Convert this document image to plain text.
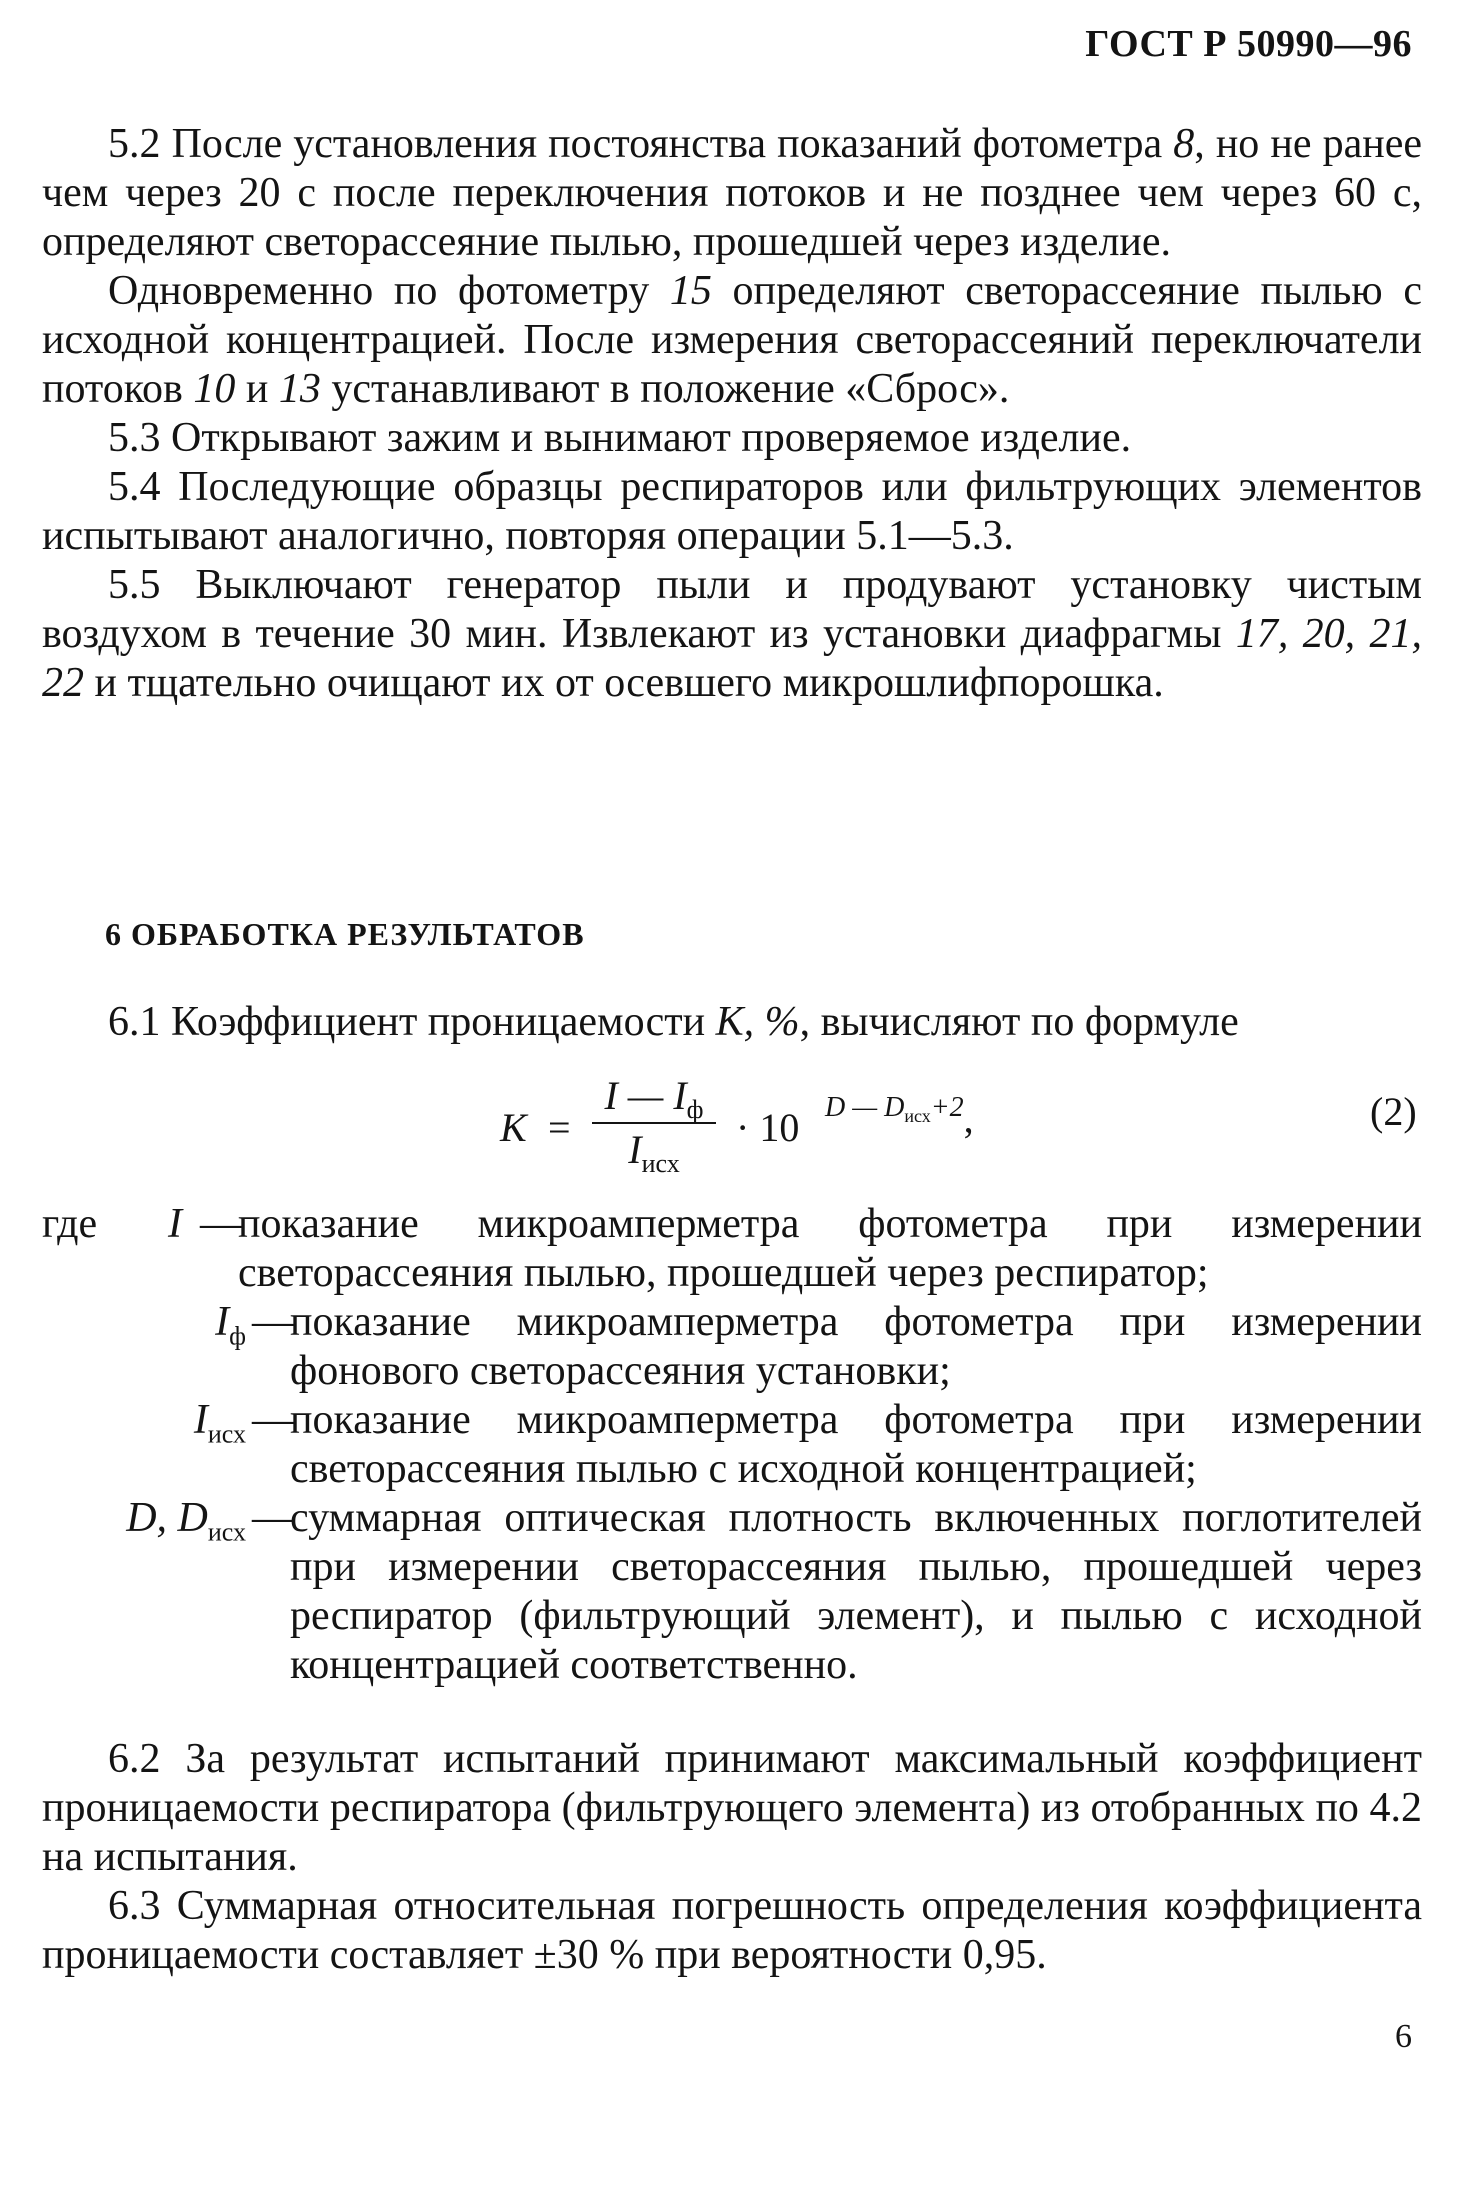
ГОСТ Р 50990—96

5.2 После установления постоянства показаний фотометра 8, но не ранее чем через 20 с после переключения потоков и не позднее чем через 60 с, определяют светорассеяние пылью, прошедшей через изделие.

Одновременно по фотометру 15 определяют светорассеяние пылью с исходной концентрацией. После измерения светорассеяний переключатели потоков 10 и 13 устанавливают в положение «Сброс».

5.3 Открывают зажим и вынимают проверяемое изделие.

5.4 Последующие образцы респираторов или фильтрующих элементов испытывают аналогично, повторяя операции 5.1—5.3.

5.5 Выключают генератор пыли и продувают установку чистым воздухом в течение 30 мин. Извлекают из установки диафрагмы 17, 20, 21, 22 и тщательно очищают их от осевшего микрошлифпорошка.

6 ОБРАБОТКА РЕЗУЛЬТАТОВ

6.1 Коэффициент проницаемости K, %, вычисляют по формуле

K =
I — $I_ф$
$I_{исх}$
· 10 D — $D_{исх}+2$,	(2)
где	I —
показание микроамперметра фотометра при измерении светорассеяния пылью, прошедшей через респиратор;
$I_ф$ —
показание микроамперметра фотометра при измерении фонового светорассеяния установки;
$I_{исх}$ —
показание микроамперметра фотометра при измерении светорассеяния пылью с исходной концентрацией;
D, $D_{исх}$ —
суммарная оптическая плотность включенных поглотителей при измерении светорассеяния пылью, прошедшей через респиратор (фильтрующий элемент), и пылью с исходной концентрацией соответственно.

6.2 За результат испытаний принимают максимальный коэффициент проницаемости респиратора (фильтрующего элемента) из отобранных по 4.2 на испытания.

6.3 Суммарная относительная погрешность определения коэффициента проницаемости составляет ±30 % при вероятности 0,95.

6
